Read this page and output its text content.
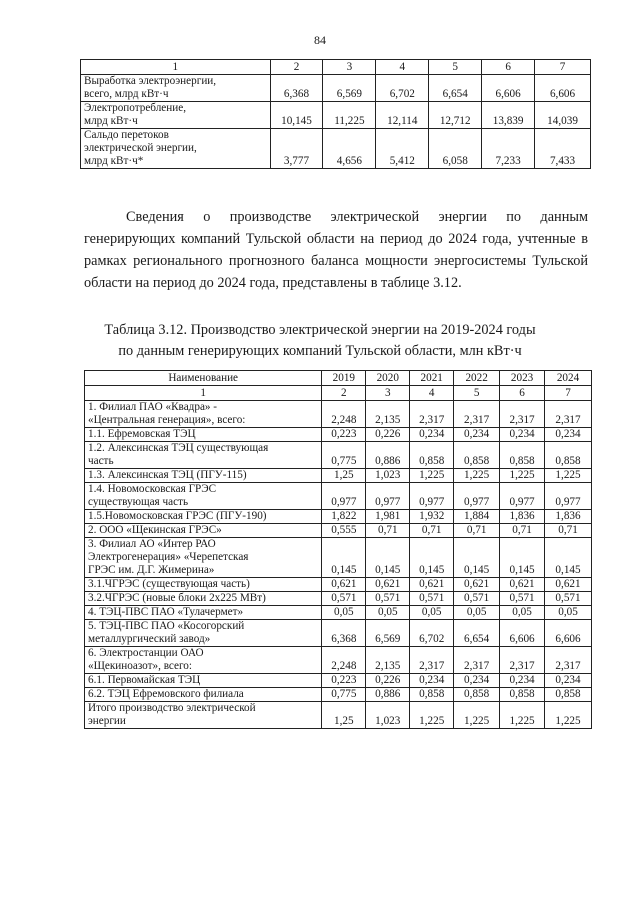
84
1	2	3	4	5	6	7

Выработка электроэнергии,
всего, млрд кВт·ч	6,368	6,569	6,702	6,654	6,606	6,606

Электропотребление,
млрд кВт·ч	10,145	11,225	12,114	12,712	13,839	14,039

Сальдо перетоков
электрической энергии,
млрд кВт·ч*	3,777	4,656	5,412	6,058	7,233	7,433

Сведения о производстве электрической энергии по данным генерирующих компаний Тульской области на период до 2024 года, учтенные в рамках регионального прогнозного баланса мощности энергосистемы Тульской области на период до 2024 года, представлены в таблице 3.12.

Таблица 3.12. Производство электрической энергии на 2019-2024 годы
по данным генерирующих компаний Тульской области, млн кВт·ч
Наименование	2019	2020	2021	2022	2023	2024
1	2	3	4	5	6	7

1. Филиал ПАО «Квадра» -
«Центральная генерация», всего:	2,248	2,135	2,317	2,317	2,317	2,317

1.1. Ефремовская ТЭЦ	0,223	0,226	0,234	0,234	0,234	0,234

1.2. Алексинская ТЭЦ существующая
часть	0,775	0,886	0,858	0,858	0,858	0,858

1.3. Алексинская ТЭЦ (ПГУ-115)	1,25	1,023	1,225	1,225	1,225	1,225

1.4. Новомосковская ГРЭС
существующая часть	0,977	0,977	0,977	0,977	0,977	0,977

1.5.Новомосковская ГРЭС (ПГУ-190)	1,822	1,981	1,932	1,884	1,836	1,836

2. ООО «Щекинская ГРЭС»	0,555	0,71	0,71	0,71	0,71	0,71

3. Филиал АО «Интер РАО
Электрогенерация» «Черепетская
ГРЭС им. Д.Г. Жимерина»	0,145	0,145	0,145	0,145	0,145	0,145

3.1.ЧГРЭС (существующая часть)	0,621	0,621	0,621	0,621	0,621	0,621

3.2.ЧГРЭС (новые блоки 2х225 МВт)	0,571	0,571	0,571	0,571	0,571	0,571

4. ТЭЦ-ПВС ПАО «Тулачермет»	0,05	0,05	0,05	0,05	0,05	0,05

5. ТЭЦ-ПВС ПАО «Косогорский
металлургический завод»	6,368	6,569	6,702	6,654	6,606	6,606

6. Электростанции ОАО
«Щекиноазот», всего:	2,248	2,135	2,317	2,317	2,317	2,317

6.1. Первомайская ТЭЦ	0,223	0,226	0,234	0,234	0,234	0,234

6.2. ТЭЦ Ефремовского филиала	0,775	0,886	0,858	0,858	0,858	0,858

Итого производство электрической
энергии	1,25	1,023	1,225	1,225	1,225	1,225
